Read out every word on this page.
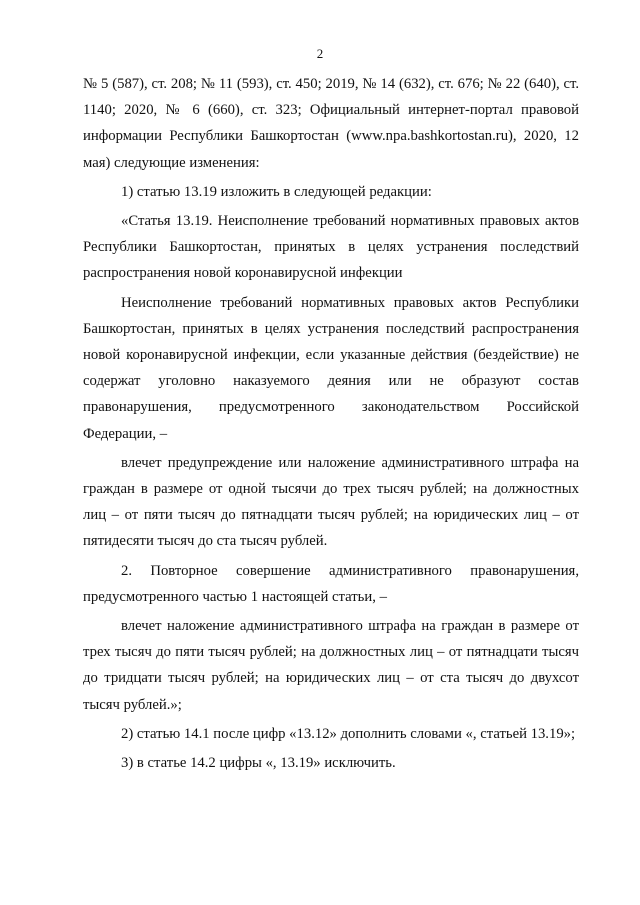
2

№ 5 (587), ст. 208; № 11 (593), ст. 450; 2019, № 14 (632), ст. 676; № 22 (640), ст. 1140; 2020, № 6 (660), ст. 323; Официальный интернет-портал правовой информации Республики Башкортостан (www.npa.bashkortostan.ru), 2020, 12 мая) следующие изменения:

1) статью 13.19 изложить в следующей редакции:

«Статья 13.19. Неисполнение требований нормативных правовых актов Республики Башкортостан, принятых в целях устранения последствий распространения новой коронавирусной инфекции

Неисполнение требований нормативных правовых актов Республики Башкортостан, принятых в целях устранения последствий распространения новой коронавирусной инфекции, если указанные действия (бездействие) не содержат уголовно наказуемого деяния или не образуют состав правонарушения, предусмотренного законодательством Российской Федерации, –

влечет предупреждение или наложение административного штрафа на граждан в размере от одной тысячи до трех тысяч рублей; на должностных лиц – от пяти тысяч до пятнадцати тысяч рублей; на юридических лиц – от пятидесяти тысяч до ста тысяч рублей.

2. Повторное совершение административного правонарушения, предусмотренного частью 1 настоящей статьи, –

влечет наложение административного штрафа на граждан в размере от трех тысяч до пяти тысяч рублей; на должностных лиц – от пятнадцати тысяч до тридцати тысяч рублей; на юридических лиц – от ста тысяч до двухсот тысяч рублей.»;

2) статью 14.1 после цифр «13.12» дополнить словами «, статьей 13.19»;

3) в статье 14.2 цифры «, 13.19» исключить.
